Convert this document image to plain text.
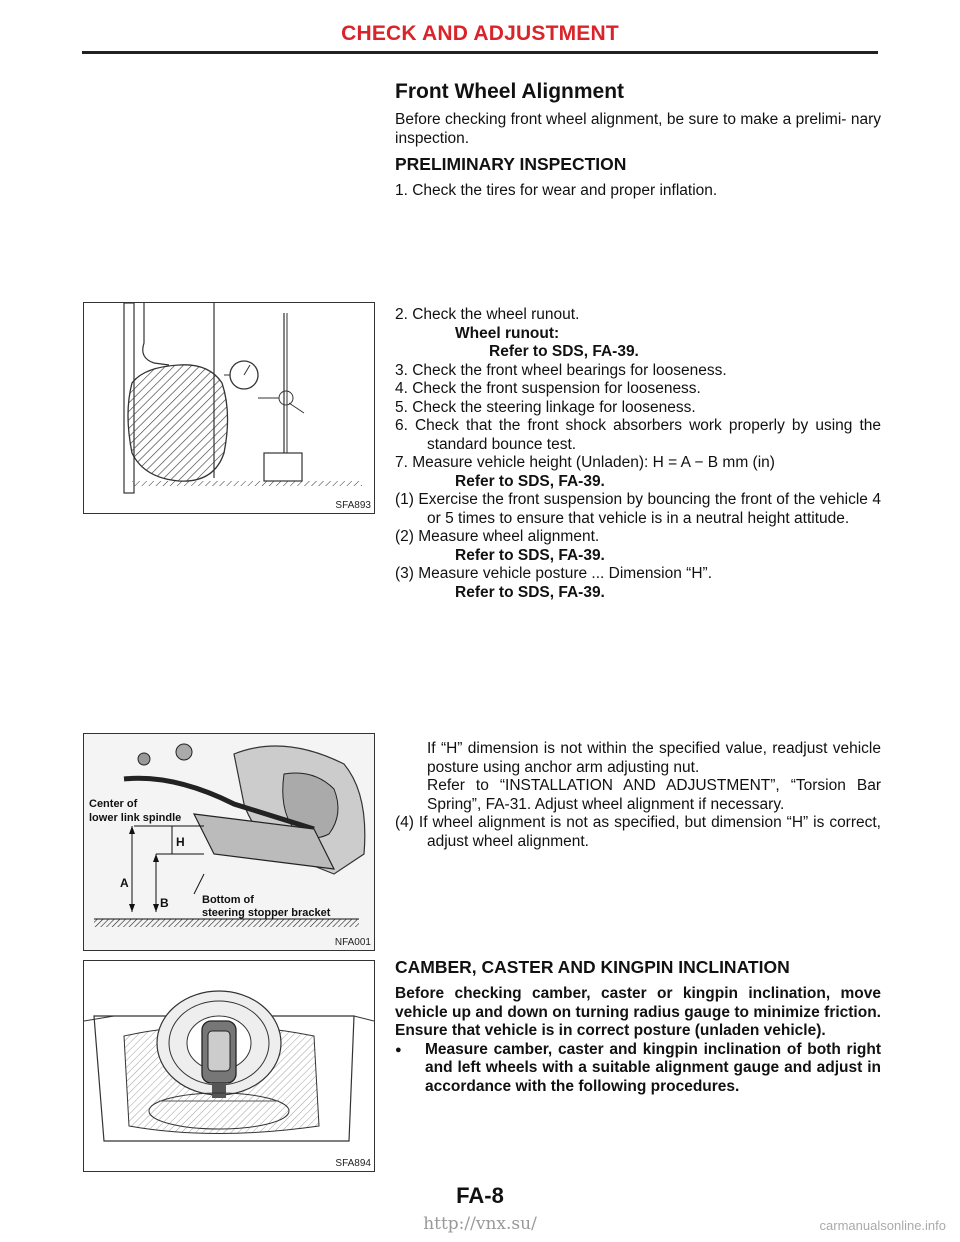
CHECK AND ADJUSTMENT

Front Wheel Alignment

Before checking front wheel alignment, be sure to make a prelimi- nary inspection.

PRELIMINARY INSPECTION

1. Check the tires for wear and proper inflation.

SFA893

2. Check the wheel runout.

Wheel runout:

Refer to SDS, FA-39.

3. Check the front wheel bearings for looseness.

4. Check the front suspension for looseness.

5. Check the steering linkage for looseness.

6. Check that the front shock absorbers work properly by using the standard bounce test.

7. Measure vehicle height (Unladen): H = A − B mm (in)

Refer to SDS, FA-39.

(1) Exercise the front suspension by bouncing the front of the vehicle 4 or 5 times to ensure that vehicle is in a neutral height attitude.

(2) Measure wheel alignment.

Refer to SDS, FA-39.

(3) Measure vehicle posture ... Dimension “H”.

Refer to SDS, FA-39.

Center of
lower link spindle
H
A
B	Bottom of
steering stopper bracket
NFA001

If “H” dimension is not within the specified value, readjust vehicle posture using anchor arm adjusting nut.

Refer to “INSTALLATION AND ADJUSTMENT”, “Torsion Bar Spring”, FA-31. Adjust wheel alignment if necessary.

(4) If wheel alignment is not as specified, but dimension “H” is correct, adjust wheel alignment.

SFA894

CAMBER, CASTER AND KINGPIN INCLINATION

Before checking camber, caster or kingpin inclination, move vehicle up and down on turning radius gauge to minimize friction. Ensure that vehicle is in correct posture (unladen vehicle).

● Measure camber, caster and kingpin inclination of both right and left wheels with a suitable alignment gauge and adjust in accordance with the following procedures.

FA-8
http://vnx.su/	carmanualsonline.info
